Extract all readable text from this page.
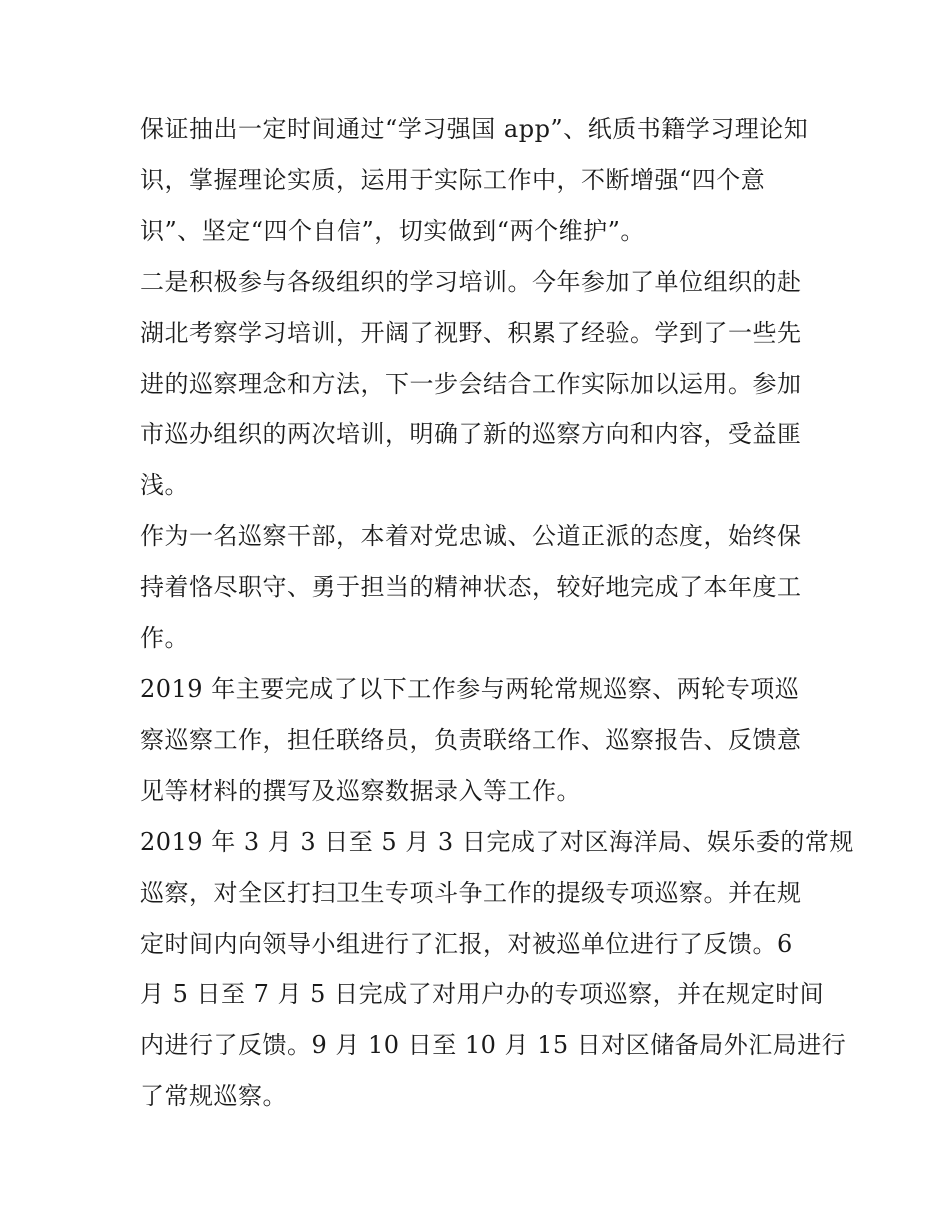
保证抽出一定时间通过“学习强国 app”、纸质书籍学习理论知
识，掌握理论实质，运用于实际工作中，不断增强“四个意
识”、坚定“四个自信”，切实做到“两个维护”。
二是积极参与各级组织的学习培训。今年参加了单位组织的赴
湖北考察学习培训，开阔了视野、积累了经验。学到了一些先
进的巡察理念和方法，下一步会结合工作实际加以运用。参加
市巡办组织的两次培训，明确了新的巡察方向和内容，受益匪
浅。
作为一名巡察干部，本着对党忠诚、公道正派的态度，始终保
持着恪尽职守、勇于担当的精神状态，较好地完成了本年度工
作。
2019 年主要完成了以下工作参与两轮常规巡察、两轮专项巡
察巡察工作，担任联络员，负责联络工作、巡察报告、反馈意
见等材料的撰写及巡察数据录入等工作。
2019 年 3 月 3 日至 5 月 3 日完成了对区海洋局、娱乐委的常规
巡察，对全区打扫卫生专项斗争工作的提级专项巡察。并在规
定时间内向领导小组进行了汇报，对被巡单位进行了反馈。6
月 5 日至 7 月 5 日完成了对用户办的专项巡察，并在规定时间
内进行了反馈。9 月 10 日至 10 月 15 日对区储备局外汇局进行
了常规巡察。
